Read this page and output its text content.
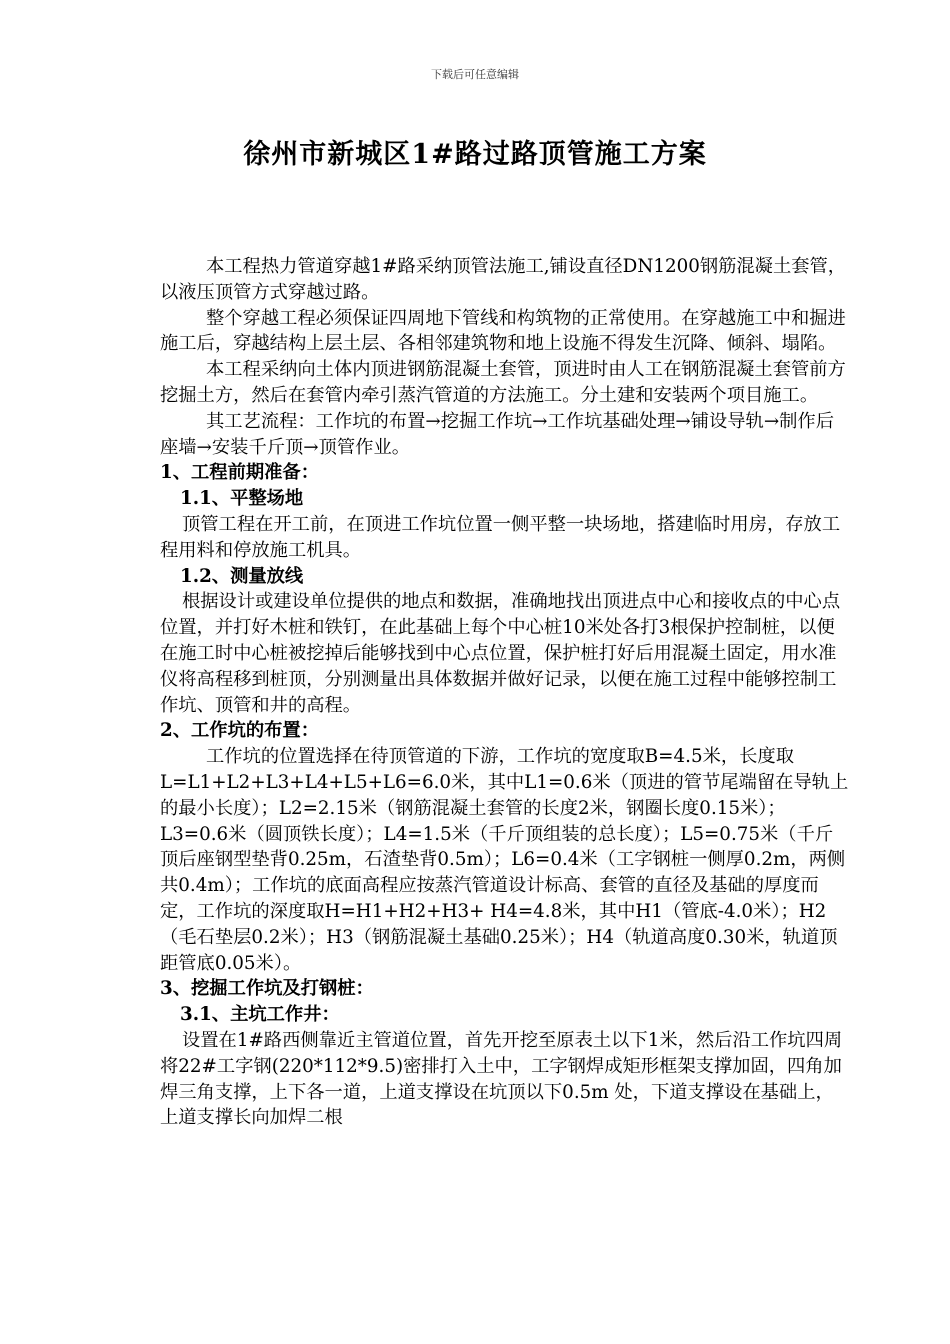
下载后可任意编辑
徐州市新城区1#路过路顶管施工方案

本工程热力管道穿越1#路采纳顶管法施工,铺设直径DN1200钢筋混凝土套管，以液压顶管方式穿越过路。

整个穿越工程必须保证四周地下管线和构筑物的正常使用。在穿越施工中和掘进施工后，穿越结构上层土层、各相邻建筑物和地上设施不得发生沉降、倾斜、塌陷。

本工程采纳向土体内顶进钢筋混凝土套管，顶进时由人工在钢筋混凝土套管前方挖掘土方，然后在套管内牵引蒸汽管道的方法施工。分土建和安装两个项目施工。

其工艺流程：工作坑的布置→挖掘工作坑→工作坑基础处理→铺设导轨→制作后座墙→安装千斤顶→顶管作业。

1、工程前期准备：

1.1、平整场地

顶管工程在开工前，在顶进工作坑位置一侧平整一块场地，搭建临时用房，存放工程用料和停放施工机具。

1.2、测量放线

根据设计或建设单位提供的地点和数据，准确地找出顶进点中心和接收点的中心点位置，并打好木桩和铁钉，在此基础上每个中心桩10米处各打3根保护控制桩，以便在施工时中心桩被挖掉后能够找到中心点位置，保护桩打好后用混凝土固定，用水准仪将高程移到桩顶，分别测量出具体数据并做好记录，以便在施工过程中能够控制工作坑、顶管和井的高程。

2、工作坑的布置：

工作坑的位置选择在待顶管道的下游，工作坑的宽度取B=4.5米，长度取L=L1+L2+L3+L4+L5+L6=6.0米，其中L1=0.6米（顶进的管节尾端留在导轨上的最小长度）；L2=2.15米（钢筋混凝土套管的长度2米，钢圈长度0.15米）；L3=0.6米（圆顶铁长度）；L4=1.5米（千斤顶组装的总长度）；L5=0.75米（千斤顶后座钢型垫背0.25m，石渣垫背0.5m）；L6=0.4米（工字钢桩一侧厚0.2m，两侧共0.4m）；工作坑的底面高程应按蒸汽管道设计标高、套管的直径及基础的厚度而定，工作坑的深度取H=H1+H2+H3+ H4=4.8米，其中H1（管底-4.0米）；H2（毛石垫层0.2米）；H3（钢筋混凝土基础0.25米）；H4（轨道高度0.30米，轨道顶距管底0.05米）。

3、挖掘工作坑及打钢桩：

3.1、主坑工作井：

设置在1#路西侧靠近主管道位置，首先开挖至原表土以下1米，然后沿工作坑四周将22#工字钢(220*112*9.5)密排打入土中，工字钢焊成矩形框架支撑加固，四角加焊三角支撑，上下各一道，上道支撑设在坑顶以下0.5m 处，下道支撑设在基础上，上道支撑长向加焊二根
